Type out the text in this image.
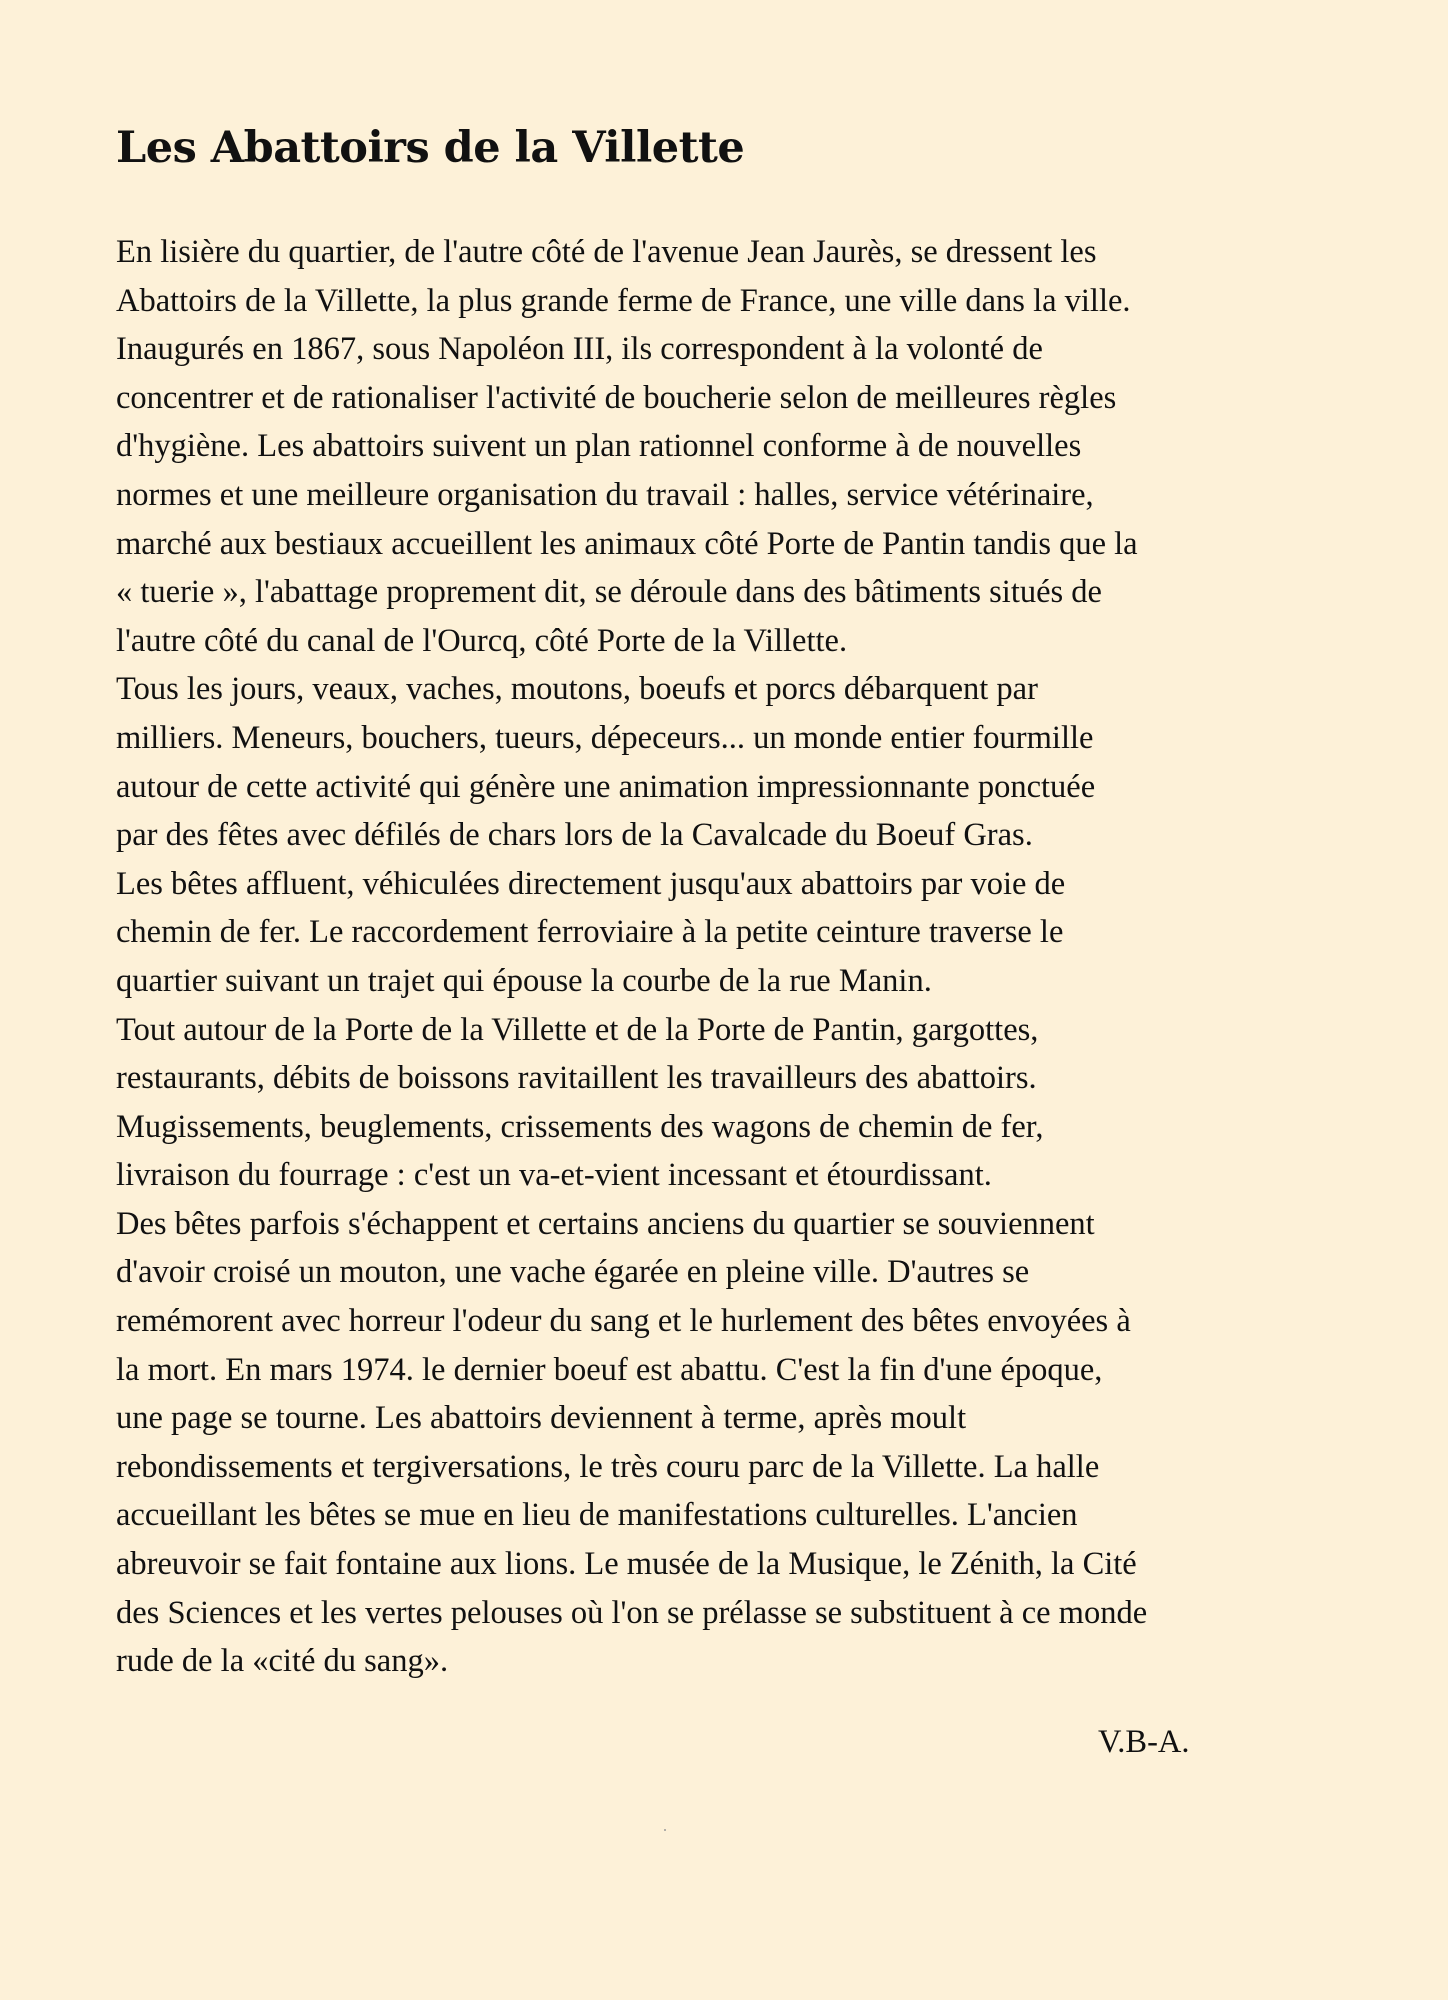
Les Abattoirs de la Villette
En lisière du quartier, de l'autre côté de l'avenue Jean Jaurès, se dressent les
Abattoirs de la Villette, la plus grande ferme de France, une ville dans la ville.
Inaugurés en 1867, sous Napoléon III, ils correspondent à la volonté de
concentrer et de rationaliser l'activité de boucherie selon de meilleures règles
d'hygiène. Les abattoirs suivent un plan rationnel conforme à de nouvelles
normes et une meilleure organisation du travail : halles, service vétérinaire,
marché aux bestiaux accueillent les animaux côté Porte de Pantin tandis que la
« tuerie », l'abattage proprement dit, se déroule dans des bâtiments situés de
l'autre côté du canal de l'Ourcq, côté Porte de la Villette.
Tous les jours, veaux, vaches, moutons, boeufs et porcs débarquent par
milliers. Meneurs, bouchers, tueurs, dépeceurs... un monde entier fourmille
autour de cette activité qui génère une animation impressionnante ponctuée
par des fêtes avec défilés de chars lors de la Cavalcade du Boeuf Gras.
Les bêtes affluent, véhiculées directement jusqu'aux abattoirs par voie de
chemin de fer. Le raccordement ferroviaire à la petite ceinture traverse le
quartier suivant un trajet qui épouse la courbe de la rue Manin.
Tout autour de la Porte de la Villette et de la Porte de Pantin, gargottes,
restaurants, débits de boissons ravitaillent les travailleurs des abattoirs.
Mugissements, beuglements, crissements des wagons de chemin de fer,
livraison du fourrage : c'est un va-et-vient incessant et étourdissant.
Des bêtes parfois s'échappent et certains anciens du quartier se souviennent
d'avoir croisé un mouton, une vache égarée en pleine ville. D'autres se
remémorent avec horreur l'odeur du sang et le hurlement des bêtes envoyées à
la mort. En mars 1974. le dernier boeuf est abattu. C'est la fin d'une époque,
une page se tourne. Les abattoirs deviennent à terme, après moult
rebondissements et tergiversations, le très couru parc de la Villette. La halle
accueillant les bêtes se mue en lieu de manifestations culturelles. L'ancien
abreuvoir se fait fontaine aux lions. Le musée de la Musique, le Zénith, la Cité
des Sciences et les vertes pelouses où l'on se prélasse se substituent à ce monde
rude de la «cité du sang».
V.B-A.
